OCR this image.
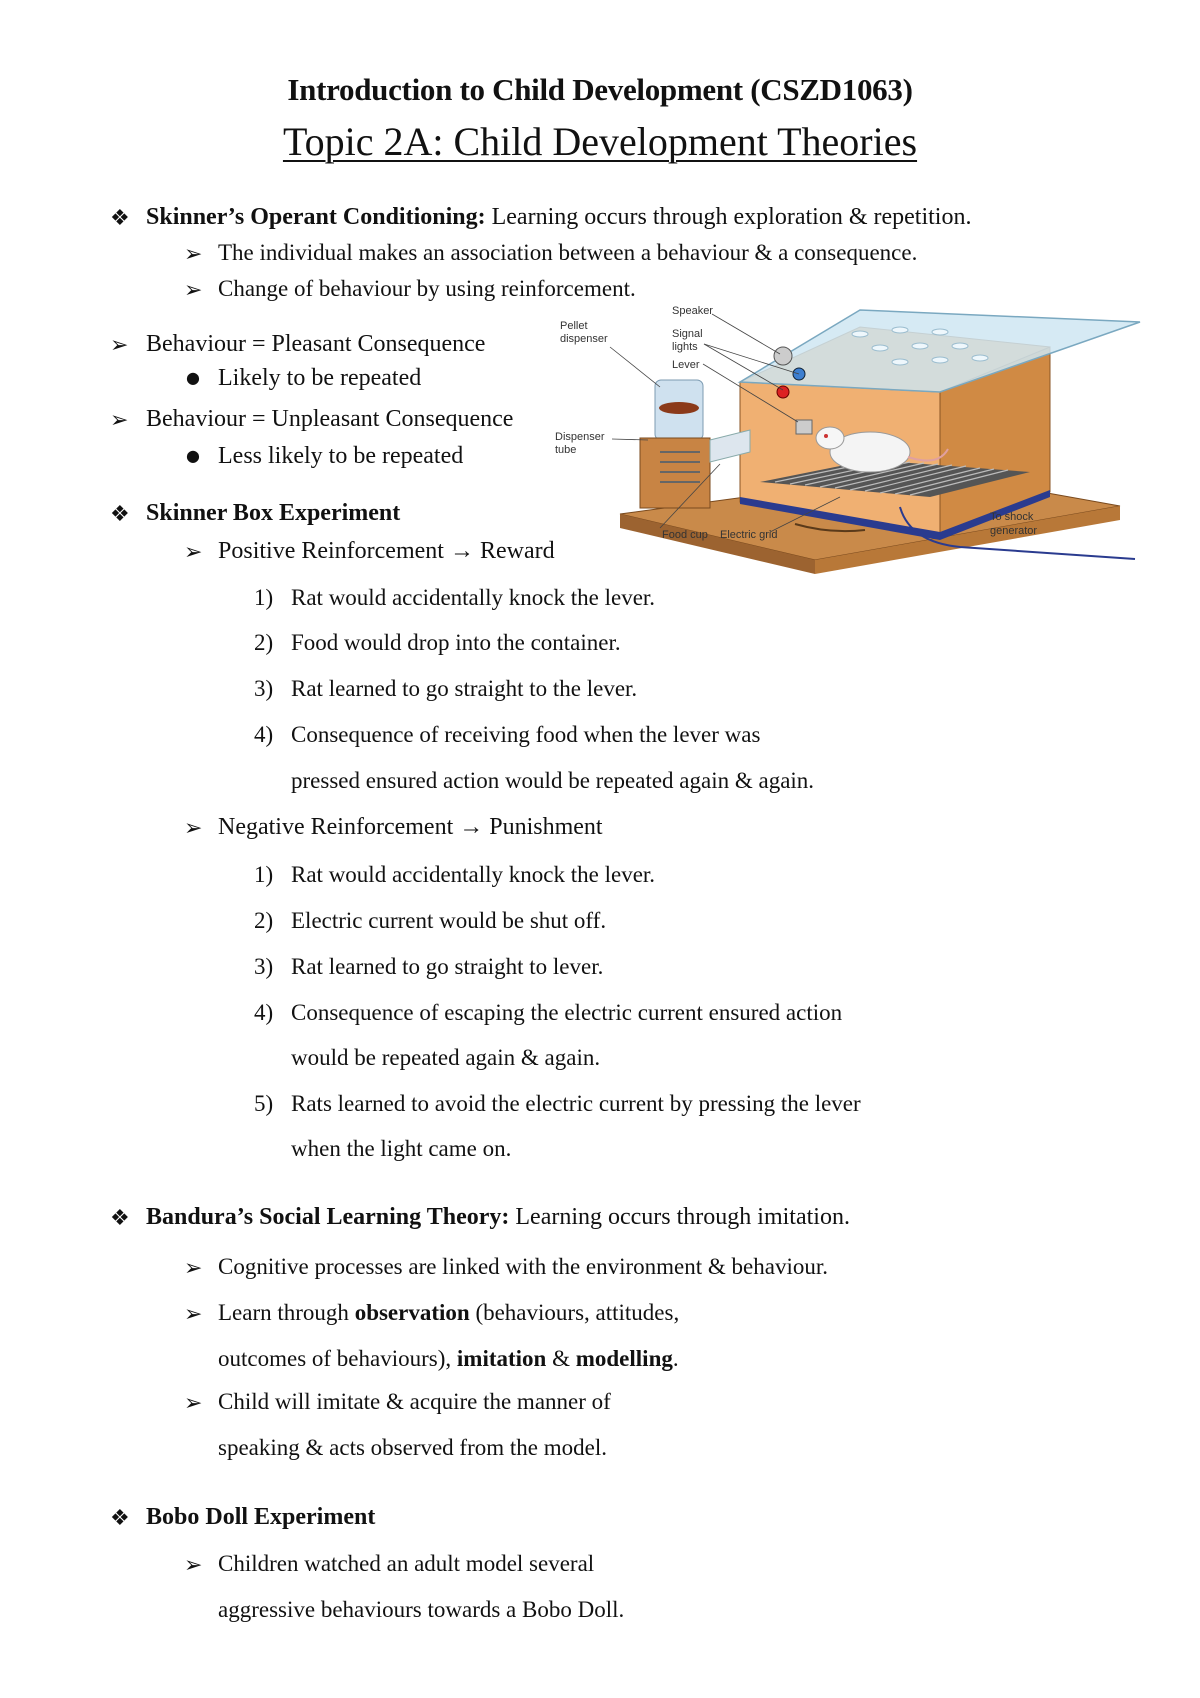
Introduction to Child Development (CSZD1063)
Topic 2A: Child Development Theories
❖ Skinner’s Operant Conditioning: Learning occurs through exploration & repetition.
➢ The individual makes an association between a behaviour & a consequence.
➢ Change of behaviour by using reinforcement.
➢ Behaviour = Pleasant Consequence
● Likely to be repeated
➢ Behaviour = Unpleasant Consequence
● Less likely to be repeated
❖ Skinner Box Experiment
➢ Positive Reinforcement → Reward
1) Rat would accidentally knock the lever.
2) Food would drop into the container.
3) Rat learned to go straight to the lever.
4) Consequence of receiving food when the lever was
pressed ensured action would be repeated again & again.
➢ Negative Reinforcement → Punishment
1) Rat would accidentally knock the lever.
2) Electric current would be shut off.
3) Rat learned to go straight to lever.
4) Consequence of escaping the electric current ensured action
would be repeated again & again.
5) Rats learned to avoid the electric current by pressing the lever
when the light came on.
❖ Bandura’s Social Learning Theory: Learning occurs through imitation.
➢ Cognitive processes are linked with the environment & behaviour.
➢ Learn through observation (behaviours, attitudes,
outcomes of behaviours), imitation & modelling.
➢ Child will imitate & acquire the manner of
speaking & acts observed from the model.
❖ Bobo Doll Experiment
➢ Children watched an adult model several
aggressive behaviours towards a Bobo Doll.
Speaker
Signal
lights
Lever
Pellet
dispenser
Dispenser
tube
Food cup Electric grid
To shock
generator
